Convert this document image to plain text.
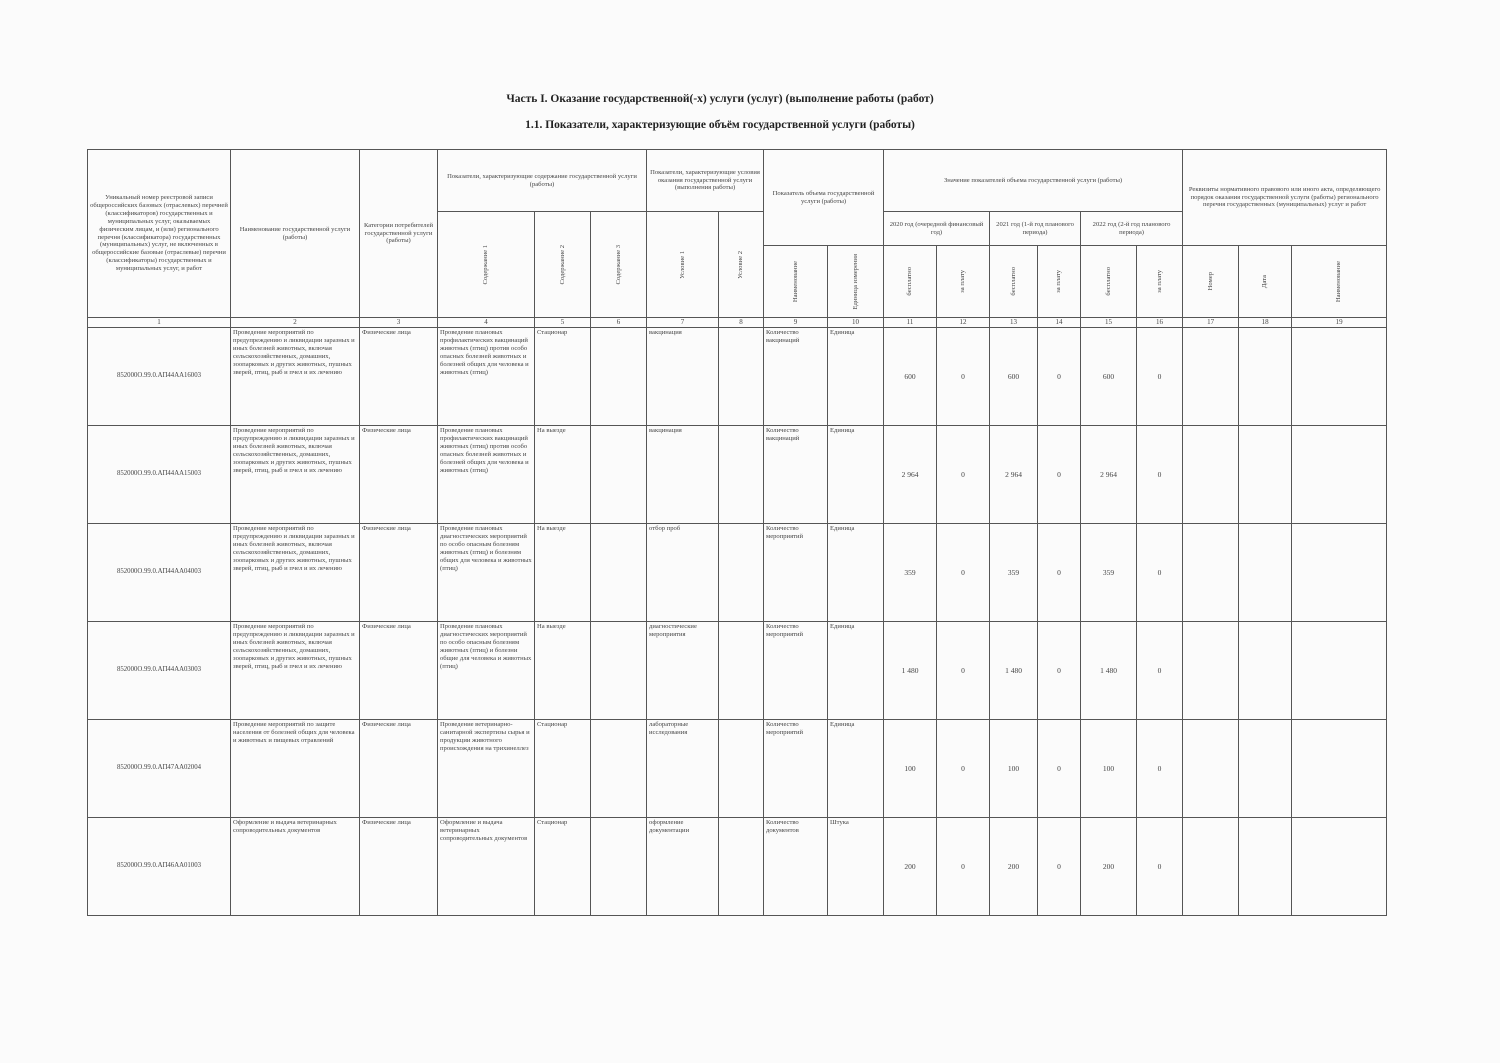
Часть I. Оказание государственной(-х) услуги (услуг) (выполнение работы (работ)
1.1. Показатели, характеризующие объём государственной услуги (работы)
Уникальный номер реестровой записи общероссийских базовых (отраслевых) перечней (классификаторов) государственных и муниципальных услуг, оказываемых физическим лицам, и (или) регионального перечня (классификатора) государственных (муниципальных) услуг, не включенных в общероссийские базовые (отраслевые) перечни (классификаторы) государственных и муниципальных услуг, и работ	Наименование государственной услуги (работы)	Категории потребителей государственной услуги (работы)	Показатели, характеризующие содержание государственной услуги (работы)			Показатели, характеризующие условия оказания государственной услуги (выполнения работы)		Показатель объема государственной услуги (работы)		Значение показателей объема государственной услуги (работы)						Реквизиты нормативного правового или иного акта, определяющего порядок оказания государственной услуги (работы) регионального перечня государственных (муниципальных) услуг и работ		

			Содержание 1	Содержание 2	Содержание 3	Условие 1	Условие 2			2020 год (очередной финансовый год)		2021 год (1-й год планового периода)		2022 год (2-й год планового периода)				

								Наименование	Единица измерения	бесплатно	за плату	бесплатно	за плату	бесплатно	за плату	Номер	Дата	Наименование

1	2	3	4	5	6	7	8	9	10	11	12	13	14	15	16	17	18	19
852000О.99.0.АП44АА16003	Проведение мероприятий по предупреждению и ликвидации заразных и иных болезней животных, включая сельскохозяйственных, домашних, зоопарковых и других животных, пушных зверей, птиц, рыб и пчел и их лечению	Физические лица	Проведение плановых профилактических вакцинаций животных (птиц) против особо опасных болезней животных и болезней общих для человека и животных (птиц)	Стационар		вакцинация		Количество вакцинаций	Единица	600	0	600	0	600	0			
852000О.99.0.АП44АА15003	Проведение мероприятий по предупреждению и ликвидации заразных и иных болезней животных, включая сельскохозяйственных, домашних, зоопарковых и других животных, пушных зверей, птиц, рыб и пчел и их лечению	Физические лица	Проведение плановых профилактических вакцинаций животных (птиц) против особо опасных болезней животных и болезней общих для человека и животных (птиц)	На выезде		вакцинация		Количество вакцинаций	Единица	2 964	0	2 964	0	2 964	0			
852000О.99.0.АП44АА04003	Проведение мероприятий по предупреждению и ликвидации заразных и иных болезней животных, включая сельскохозяйственных, домашних, зоопарковых и других животных, пушных зверей, птиц, рыб и пчел и их лечению	Физические лица	Проведение плановых диагностических мероприятий по особо опасным болезням животных (птиц) и болезням общих для человека и животных (птиц)	На выезде		отбор проб		Количество мероприятий	Единица	359	0	359	0	359	0			
852000О.99.0.АП44АА03003	Проведение мероприятий по предупреждению и ликвидации заразных и иных болезней животных, включая сельскохозяйственных, домашних, зоопарковых и других животных, пушных зверей, птиц, рыб и пчел и их лечению	Физические лица	Проведение плановых диагностических мероприятий по особо опасным болезням животных (птиц) и болезни общие для человека и животных (птиц)	На выезде		диагностические мероприятия		Количество мероприятий	Единица	1 480	0	1 480	0	1 480	0			
852000О.99.0.АП47АА02004	Проведение мероприятий по защите населения от болезней общих для человека и животных и пищевых отравлений	Физические лица	Проведение ветеринарно-санитарной экспертизы сырья и продукции животного происхождения на трихинеллез	Стационар		лабораторные исследования		Количество мероприятий	Единица	100	0	100	0	100	0			
852000О.99.0.АП46АА01003	Оформление и выдача ветеринарных сопроводительных документов	Физические лица	Оформление и выдача ветеринарных сопроводительных документов	Стационар		оформление документации		Количество документов	Штука	200	0	200	0	200	0			
